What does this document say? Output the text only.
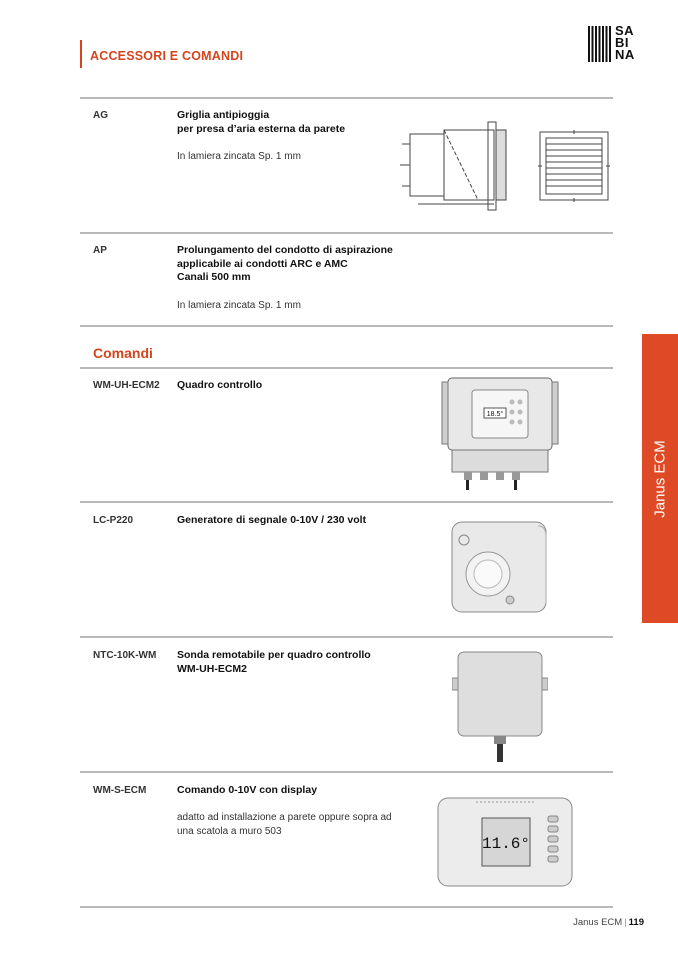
ACCESSORI E COMANDI
SA
BI
NA
Janus ECM
AG	Griglia antipioggia
per presa d’aria esterna da parete
In lamiera zincata Sp. 1 mm
AP	Prolungamento del condotto di aspirazione
applicabile ai condotti ARC e AMC
Canali 500 mm
In lamiera zincata Sp. 1 mm
Comandi
WM-UH-ECM2 Quadro controllo
18.5°
LC-P220	Generatore di segnale 0-10V / 230 volt
NTC-10K-WM Sonda remotabile per quadro controllo
WM-UH-ECM2
WM-S-ECM	Comando 0-10V con display
adatto ad installazione a parete oppure sopra ad
una scatola a muro 503
11.6°
Janus ECM | 119
